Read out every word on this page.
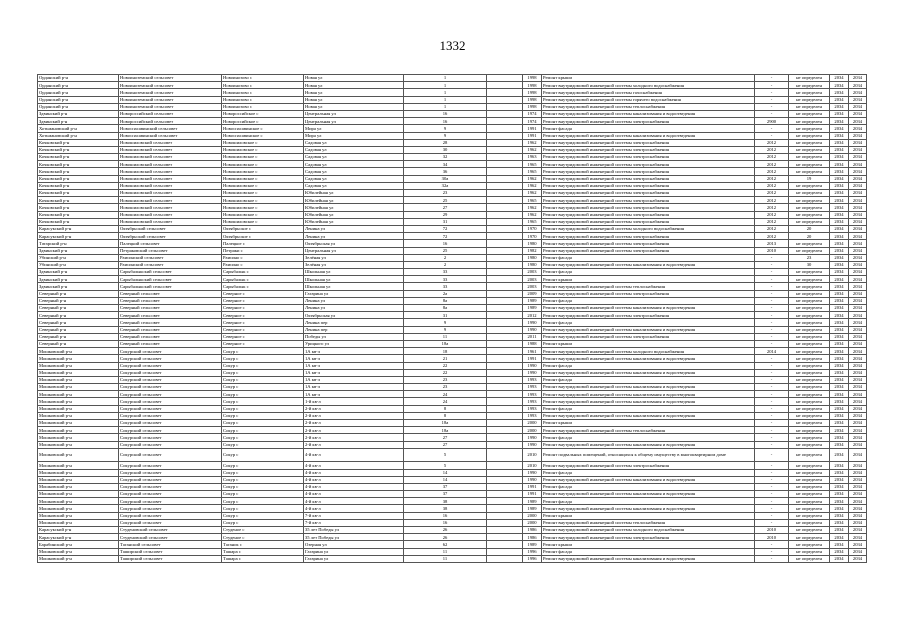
1332
Орданский р-н	Новоиноземский сельсовет	Новоинозово с	Новая ул	1		1998	Ремонт крыши	-	не определен	2034	2034
Орданский р-н	Новоиноземский сельсовет	Новоинозово с	Новая ул	1		1998	Ремонт внутридомовой инженерной системы холодного водоснабжения	-	не определен	2034	2034
Орданский р-н	Новоиноземский сельсовет	Новоинозово с	Новая ул	1		1998	Ремонт внутридомовой инженерной системы газоснабжения	-	не определен	2034	2034
Орданский р-н	Новоиноземский сельсовет	Новоинозово с	Новая ул	1		1998	Ремонт внутридомовой инженерной системы горячего водоснабжения	-	не определен	2034	2034
Орданский р-н	Новоиноземский сельсовет	Новоинозово с	Новая ул	1		1998	Ремонт внутридомовой инженерной системы теплоснабжения	-	не определен	2034	2034
Здвинский р-н	Новороссийский сельсовет	Новороссийское с	Центральная ул	16		1974	Ремонт внутридомовой инженерной системы канализования и водоотведения	-	не определен	2034	2034
Здвинский р-н	Новороссийский сельсовет	Новороссийское с	Центральная ул	16		1974	Ремонт внутридомовой инженерной системы электроснабжения	2900	не определен	2034	2034
Хотьмановский р-н	Новоспасавинский сельсовет	Новоспасавинское с	Мира ул	9		1991	Ремонт фасада	-	не определен	2034	2034
Хотьмановский р-н	Новоспасавинский сельсовет	Новоспасавинское с	Мира ул	9		1991	Ремонт внутридомовой инженерной системы канализования и водоотведения	-	не определен	2034	2034
Кочковский р-н	Новошиловский сельсовет	Новошиловское с	Садовая ул	28		1962	Ремонт внутридомовой инженерной системы электроснабжения	2012	не определен	2034	2034
Кочковский р-н	Новошиловский сельсовет	Новошиловское с	Садовая ул	30		1962	Ремонт внутридомовой инженерной системы электроснабжения	2012	не определен	2034	2034
Кочковский р-н	Новошиловский сельсовет	Новошиловское с	Садовая ул	32		1963	Ремонт внутридомовой инженерной системы электроснабжения	2012	не определен	2034	2034
Кочковский р-н	Новошиловский сельсовет	Новошиловское с	Садовая ул	34		1965	Ремонт внутридомовой инженерной системы электроснабжения	2012	не определен	2034	2034
Кочковский р-н	Новошиловский сельсовет	Новошиловское с	Садовая ул	36		1965	Ремонт внутридомовой инженерной системы электроснабжения	2012	не определен	2034	2034
Кочковский р-н	Новошиловский сельсовет	Новошиловское с	Садовая ул	30а		1962	Ремонт внутридомовой инженерной системы электроснабжения	2012	19	2034	2034
Кочковский р-н	Новошиловский сельсовет	Новошиловское с	Садовая ул	32а		1962	Ремонт внутридомовой инженерной системы электроснабжения	2012	не определен	2034	2034
Кочковский р-н	Новошиловский сельсовет	Новошиловское с	Юбилейная ул	23		1962	Ремонт внутридомовой инженерной системы электроснабжения	2012	не определен	2034	2034
Кочковский р-н	Новошиловский сельсовет	Новошиловское с	Юбилейная ул	25		1965	Ремонт внутридомовой инженерной системы электроснабжения	2012	не определен	2034	2034
Кочковский р-н	Новошиловский сельсовет	Новошиловское с	Юбилейная ул	27		1962	Ремонт внутридомовой инженерной системы электроснабжения	2012	не определен	2034	2034
Кочковский р-н	Новошиловский сельсовет	Новошиловское с	Юбилейная ул	29		1962	Ремонт внутридомовой инженерной системы электроснабжения	2012	не определен	2034	2034
Кочковский р-н	Новошиловский сельсовет	Новошиловское с	Юбилейная ул	31		1965	Ремонт внутридомовой инженерной системы электроснабжения	2012	не определен	2034	2034
Карасукский р-н	Октябрьский сельсовет	Октябрьское с	Ленина ул	72		1970	Ремонт внутридомовой инженерной системы холодного водоснабжения	2012	20	2034	2034
Карасукский р-н	Октябрьский сельсовет	Октябрьское с	Ленина ул	72		1970	Ремонт внутридомовой инженерной системы электроснабжения	2012	20	2034	2034
Татарский р-н	Палецкий сельсовет	Палецкое с	Октябрьская ул	16		1980	Ремонт внутридомовой инженерной системы электроснабжения	2013	не определен	2034	2034
Здвинский р-н	Петраковский сельсовет	Петраки с	Центральная ул	25		1982	Ремонт внутридомовой инженерной системы электроснабжения	2010	не определен	2034	2034
Убинский р-н	Раисинский сельсовет	Раисино с	Зелёная ул	2		1980	Ремонт фасада	-	23	2034	2034
Убинский р-н	Раисинский сельсовет	Раисино с	Зелёная ул	2		1980	Ремонт внутридомовой инженерной системы канализования и водоотведения	-	30	2034	2034
Здвинский р-н	Сарыбалыкский сельсовет	Сарыбалык с	Школьная ул	33		2003	Ремонт фасада	-	не определен	2034	2034
Здвинский р-н	Сарыбалыкский сельсовет	Сарыбалык с	Школьная ул	33		2003	Ремонт крыши	-	не определен	2034	2034
Здвинский р-н	Сарыбалыкский сельсовет	Сарыбалык с	Школьная ул	33		2003	Ремонт внутридомовой инженерной системы теплоснабжения	-	не определен	2034	2034
Северный р-н	Северный сельсовет	Северное с	Гагарина ул	2а		2009	Ремонт внутридомовой инженерной системы электроснабжения	-	не определен	2034	2034
Северный р-н	Северный сельсовет	Северное с	Ленина ул	8а		1989	Ремонт фасада	-	не определен	2034	2034
Северный р-н	Северный сельсовет	Северное с	Ленина ул	8а		1989	Ремонт внутридомовой инженерной системы канализования и водоотведения	-	не определен	2034	2034
Северный р-н	Северный сельсовет	Северное с	Октябрьская ул	31		2012	Ремонт внутридомовой инженерной системы электроснабжения	-	не определен	2034	2034
Северный р-н	Северный сельсовет	Северное с	Ленина пер	9		1990	Ремонт фасада	-	не определен	2034	2034
Северный р-н	Северный сельсовет	Северное с	Ленина пер	9		1990	Ремонт внутридомовой инженерной системы канализования и водоотведения	-	не определен	2034	2034
Северный р-н	Северный сельсовет	Северное с	Победы ул	11		2011	Ремонт внутридомовой инженерной системы электроснабжения	-	не определен	2034	2034
Северный р-н	Северный сельсовет	Северное с	Урицкого ул	18а		1988	Ремонт крыши	-	не определен	2034	2034
Мошковский р-н	Сокурский сельсовет	Сокур с	1А кв-л	18		1961	Ремонт внутридомовой инженерной системы холодного водоснабжения	2014	не определен	2034	2034
Мошковский р-н	Сокурский сельсовет	Сокур с	1А кв-л	21		1991	Ремонт внутридомовой инженерной системы канализования и водоотведения	-	не определен	2034	2034
Мошковский р-н	Сокурский сельсовет	Сокур с	1А кв-л	22		1990	Ремонт фасада	-	не определен	2034	2034
Мошковский р-н	Сокурский сельсовет	Сокур с	1А кв-л	22		1990	Ремонт внутридомовой инженерной системы канализования и водоотведения	-	не определен	2034	2034
Мошковский р-н	Сокурский сельсовет	Сокур с	1А кв-л	23		1993	Ремонт фасада	-	не определен	2034	2034
Мошковский р-н	Сокурский сельсовет	Сокур с	1А кв-л	23		1993	Ремонт внутридомовой инженерной системы канализования и водоотведения	-	не определен	2034	2034
Мошковский р-н	Сокурский сельсовет	Сокур с	1А кв-л	24		1993	Ремонт внутридомовой инженерной системы канализования и водоотведения	-	не определен	2034	2034
Мошковский р-н	Сокурский сельсовет	Сокур с	1-й кв-л	24		1993	Ремонт внутридомовой инженерной системы канализования и водоотведения	-	не определен	2034	2034
Мошковский р-н	Сокурский сельсовет	Сокур с	2-й кв-л	8		1993	Ремонт фасада	-	не определен	2034	2034
Мошковский р-н	Сокурский сельсовет	Сокур с	2-й кв-л	8		1993	Ремонт внутридомовой инженерной системы канализования и водоотведения	-	не определен	2034	2034
Мошковский р-н	Сокурский сельсовет	Сокур с	2-й кв-л	18а		2000	Ремонт крыши	-	не определен	2034	2034
Мошковский р-н	Сокурский сельсовет	Сокур с	2-й кв-л	18а		2000	Ремонт внутридомовой инженерной системы теплоснабжения	-	не определен	2034	2034
Мошковский р-н	Сокурский сельсовет	Сокур с	2-й кв-л	27		1990	Ремонт фасада	-	не определен	2034	2034
Мошковский р-н	Сокурский сельсовет	Сокур с	2-й кв-л	27		1990	Ремонт внутридомовой инженерной системы канализования и водоотведения	-	не определен	2034	2034
Мошковский р-н	Сокурский сельсовет	Сокур с	4-й кв-л	5		2010	Ремонт подвальных помещений, относящихся к общему имуществу в многоквартирном доме	-	не определен	2034	2034
Мошковский р-н	Сокурский сельсовет	Сокур с	4-й кв-л	5		2010	Ремонт внутридомовой инженерной системы электроснабжения	-	не определен	2034	2034
Мошковский р-н	Сокурский сельсовет	Сокур с	4-й кв-л	14		1990	Ремонт фасада	-	не определен	2034	2034
Мошковский р-н	Сокурский сельсовет	Сокур с	4-й кв-л	14		1990	Ремонт внутридомовой инженерной системы канализования и водоотведения	-	не определен	2034	2034
Мошковский р-н	Сокурский сельсовет	Сокур с	4-й кв-л	37		1991	Ремонт фасада	-	не определен	2034	2034
Мошковский р-н	Сокурский сельсовет	Сокур с	4-й кв-л	37		1991	Ремонт внутридомовой инженерной системы канализования и водоотведения	-	не определен	2034	2034
Мошковский р-н	Сокурский сельсовет	Сокур с	4-й кв-л	38		1989	Ремонт фасада	-	не определен	2034	2034
Мошковский р-н	Сокурский сельсовет	Сокур с	4-й кв-л	38		1989	Ремонт внутридомовой инженерной системы канализования и водоотведения	-	не определен	2034	2034
Мошковский р-н	Сокурский сельсовет	Сокур с	7-й кв-л	16		2000	Ремонт крыши	-	не определен	2034	2034
Мошковский р-н	Сокурский сельсовет	Сокур с	7-й кв-л	16		2000	Ремонт внутридомовой инженерной системы теплоснабжения	-	не определен	2034	2034
Карасукский р-н	Студеновский сельсовет	Студеное с	35 лет Победы ул	26		1986	Ремонт внутридомовой инженерной системы холодного водоснабжения	2010	не определен	2034	2034
Карасукский р-н	Студеновский сельсовет	Студеное с	35 лет Победы ул	26		1986	Ремонт внутридомовой инженерной системы электроснабжения	2010	не определен	2034	2034
Барабинский р-н	Таганский сельсовет	Таганок с	Озерная ул	62		1989	Ремонт крыши	-	не определен	2034	2034
Мошковский р-н	Таширский сельсовет	Ташара с	Гагарина ул	11		1996	Ремонт фасада	-	не определен	2034	2034
Мошковский р-н	Таширский сельсовет	Ташара с	Гагарина ул	11		1996	Ремонт внутридомовой инженерной системы канализования и водоотведения	-	не определен	2034	2034
